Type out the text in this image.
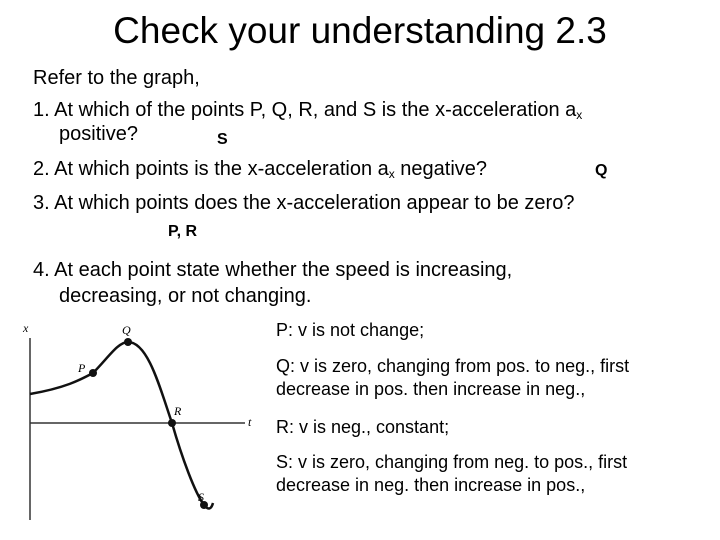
Check your understanding 2.3
Refer to the graph,
1. At which of the points P, Q, R, and S is the x-acceleration $a_x$
positive?	S
2. At which points is the x-acceleration $a_x$ negative?	Q
3. At which points does the x-acceleration appear to be zero?
P, R
4. At each point state whether the speed is increasing,
decreasing, or not changing.
x
t
P
Q
R
S
P: v is not change;
Q: v is zero, changing from pos. to neg., first decrease in pos. then increase in neg.,
R: v is neg., constant;
S: v is zero, changing from neg. to pos., first decrease in neg. then increase in pos.,
